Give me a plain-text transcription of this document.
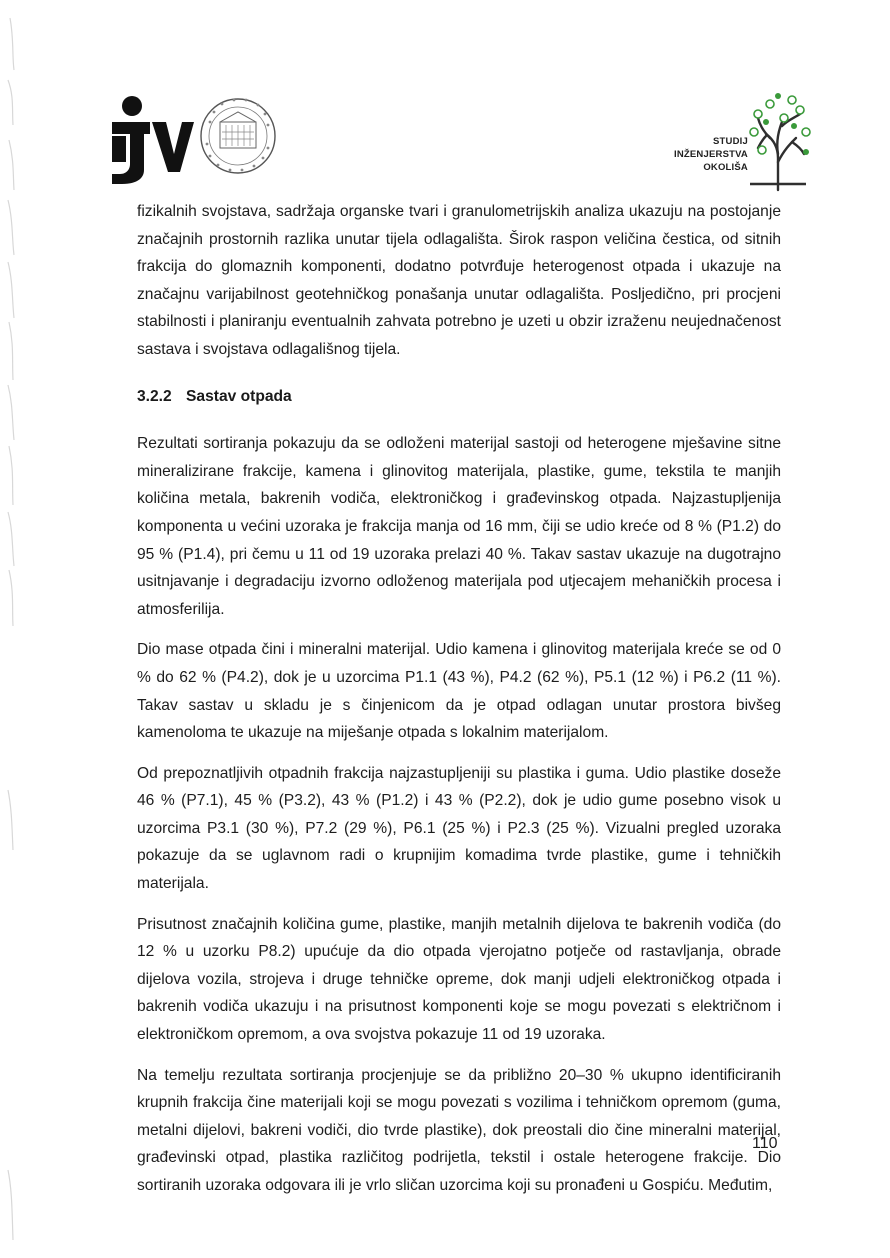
STUDIJ
INŽENJERSTVA
OKOLIŠA

fizikalnih svojstava, sadržaja organske tvari i granulometrijskih analiza ukazuju na postojanje značajnih prostornih razlika unutar tijela odlagališta. Širok raspon veličina čestica, od sitnih frakcija do glomaznih komponenti, dodatno potvrđuje heterogenost otpada i ukazuje na značajnu varijabilnost geotehničkog ponašanja unutar odlagališta. Posljedično, pri procjeni stabilnosti i planiranju eventualnih zahvata potrebno je uzeti u obzir izraženu neujednačenost sastava i svojstava odlagališnog tijela.

3.2.2 Sastav otpada

Rezultati sortiranja pokazuju da se odloženi materijal sastoji od heterogene mješavine sitne mineralizirane frakcije, kamena i glinovitog materijala, plastike, gume, tekstila te manjih količina metala, bakrenih vodiča, elektroničkog i građevinskog otpada. Najzastupljenija komponenta u većini uzoraka je frakcija manja od 16 mm, čiji se udio kreće od 8 % (P1.2) do 95 % (P1.4), pri čemu u 11 od 19 uzoraka prelazi 40 %. Takav sastav ukazuje na dugotrajno usitnjavanje i degradaciju izvorno odloženog materijala pod utjecajem mehaničkih procesa i atmosferilija.

Dio mase otpada čini i mineralni materijal. Udio kamena i glinovitog materijala kreće se od 0 % do 62 % (P4.2), dok je u uzorcima P1.1 (43 %), P4.2 (62 %), P5.1 (12 %) i P6.2 (11 %). Takav sastav u skladu je s činjenicom da je otpad odlagan unutar prostora bivšeg kamenoloma te ukazuje na miješanje otpada s lokalnim materijalom.

Od prepoznatljivih otpadnih frakcija najzastupljeniji su plastika i guma. Udio plastike doseže 46 % (P7.1), 45 % (P3.2), 43 % (P1.2) i 43 % (P2.2), dok je udio gume posebno visok u uzorcima P3.1 (30 %), P7.2 (29 %), P6.1 (25 %) i P2.3 (25 %). Vizualni pregled uzoraka pokazuje da se uglavnom radi o krupnijim komadima tvrde plastike, gume i tehničkih materijala.

Prisutnost značajnih količina gume, plastike, manjih metalnih dijelova te bakrenih vodiča (do 12 % u uzorku P8.2) upućuje da dio otpada vjerojatno potječe od rastavljanja, obrade dijelova vozila, strojeva i druge tehničke opreme, dok manji udjeli elektroničkog otpada i bakrenih vodiča ukazuju i na prisutnost komponenti koje se mogu povezati s električnom i elektroničkom opremom, a ova svojstva pokazuje 11 od 19 uzoraka.

Na temelju rezultata sortiranja procjenjuje se da približno 20–30 % ukupno identificiranih krupnih frakcija čine materijali koji se mogu povezati s vozilima i tehničkom opremom (guma, metalni dijelovi, bakreni vodiči, dio tvrde plastike), dok preostali dio čine mineralni materijal, građevinski otpad, plastika različitog podrijetla, tekstil i ostale heterogene frakcije. Dio sortiranih uzoraka odgovara ili je vrlo sličan uzorcima koji su pronađeni u Gospiću. Međutim,

110
